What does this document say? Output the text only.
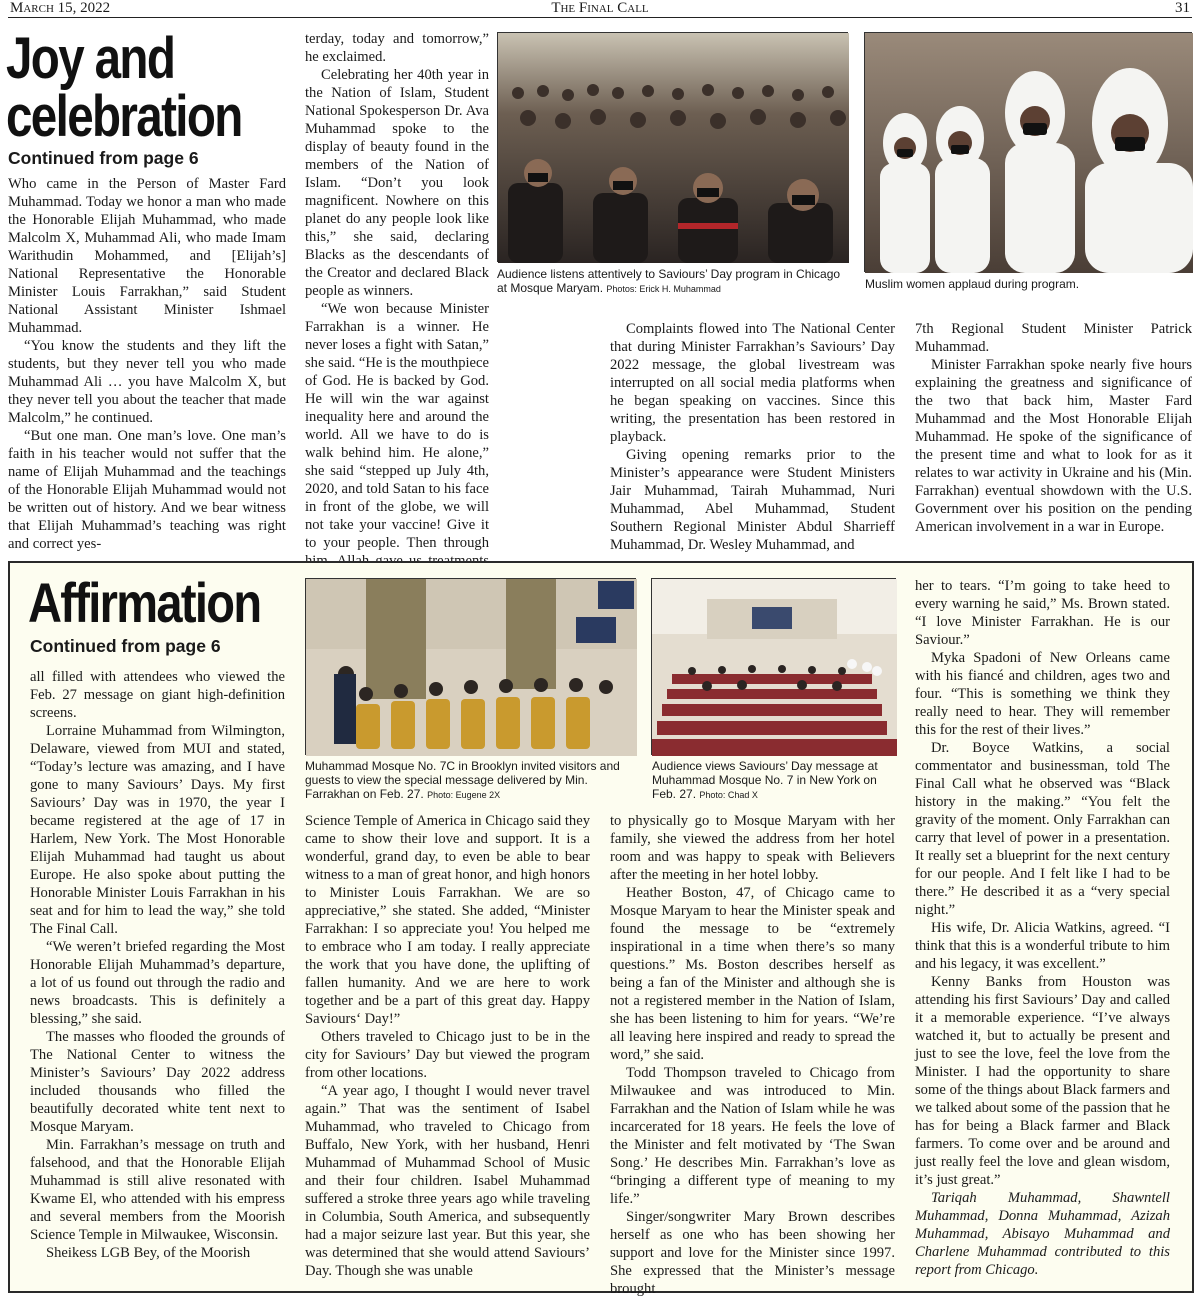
March 15, 2022	The Final Call	31
Joy and
celebration
Continued from page 6

Who came in the Person of Master Fard Muhammad. Today we honor a man who made the Honorable Elijah Muhammad, who made Malcolm X, Muhammad Ali, who made Imam Warithudin Mohammed, and [Elijah’s] National Representative the Honorable Minister Louis Farrakhan,” said Student National Assistant Minister Ishmael Muhammad.

“You know the students and they lift the students, but they never tell you who made Muhammad Ali … you have Malcolm X, but they never tell you about the teacher that made Malcolm,” he continued.

“But one man. One man’s love. One man’s faith in his teacher would not suffer that the name of Elijah Muhammad and the teachings of the Honorable Elijah Muhammad would not be written out of history. And we bear witness that Elijah Muhammad’s teaching was right and correct yes-

terday, today and tomorrow,” he exclaimed.

Celebrating her 40th year in the Nation of Islam, Student National Spokesperson Dr. Ava Muhammad spoke to the display of beauty found in the members of the Nation of Islam. “Don’t you look magnificent. Nowhere on this planet do any people look like this,” she said, declaring Blacks as the descendants of the Creator and declared Black people as winners.

“We won because Minister Farrakhan is a winner. He never loses a fight with Satan,” she said. “He is the mouthpiece of God. He is backed by God. He will win the war against inequality here and around the world. All we have to do is walk behind him. He alone,” she said “stepped up July 4th, 2020, and told Satan to his face in front of the globe, we will not take your vaccine! Give it to your people. Then through

Audience listens attentively to Saviours’ Day program in Chicago at Mosque Maryam. Photos: Erick H. Muhammad	Muslim women applaud during program.

Complaints flowed into The National Center that during Minister Farrakhan’s Saviours’ Day 2022 message, the global livestream was interrupted on all social media platforms when he began speaking on vaccines. Since this writing, the presentation has been restored in playback.

Giving opening remarks prior to the Minister’s appearance were Student Ministers Jair Muhammad, Tairah Muhammad, Nuri Muhammad, Abel Muhammad, Student Southern Regional Minister Abdul Sharrieff Muhammad, Dr. Wesley Muhammad, and

7th Regional Student Minister Patrick Muhammad.

Minister Farrakhan spoke nearly five hours explaining the greatness and significance of the two that back him, Master Fard Muhammad and the Most Honorable Elijah Muhammad. He spoke of the significance of the present time and what to look for as it relates to war activity in Ukraine and his (Min. Farrakhan) eventual showdown with the U.S. Government over his position on the pending American involvement in a war in Europe.

Affirmation
Continued from page 6

all filled with attendees who viewed the Feb. 27 message on giant high-definition screens.

Lorraine Muhammad from Wilmington, Delaware, viewed from MUI and stated, “Today’s lecture was amazing, and I have gone to many Saviours’ Days. My first Saviours’ Day was in 1970, the year I became registered at the age of 17 in Harlem, New York. The Most Honorable Elijah Muhammad had taught us about Europe. He also spoke about putting the Honorable Minister Louis Farrakhan in his seat and for him to lead the way,” she told The Final Call.

“We weren’t briefed regarding the Most Honorable Elijah Muhammad’s departure, a lot of us found out through the radio and news broadcasts. This is definitely a blessing,” she said.

The masses who flooded the grounds of The National Center to witness the Minister’s Saviours’ Day 2022 address included thousands who filled the beautifully decorated white tent next to Mosque Maryam.

Min. Farrakhan’s message on truth and falsehood, and that the Honorable Elijah Muhammad is still alive resonated with Kwame El, who attended with his empress and several members from the Moorish Science Temple in Milwaukee, Wisconsin.

Sheikess LGB Bey, of the Moorish

Muhammad Mosque No. 7C in Brooklyn invited visitors and guests to view the special message delivered by Min. Farrakhan on Feb. 27. Photo: Eugene 2X
Audience views Saviours’ Day message at Muhammad Mosque No. 7 in New York on Feb. 27. Photo: Chad X

Science Temple of America in Chicago said they came to show their love and support. It is a wonderful, grand day, to even be able to bear witness to a man of great honor, and high honors to Minister Louis Farrakhan. We are so appreciative,” she stated. She added, “Minister Farrakhan: I so appreciate you! You helped me to embrace who I am today. I really appreciate the work that you have done, the uplifting of fallen humanity. And we are here to work together and be a part of this great day. Happy Saviours‘ Day!”

Others traveled to Chicago just to be in the city for Saviours’ Day but viewed the program from other locations.

“A year ago, I thought I would never travel again.” That was the sentiment of Isabel Muhammad, who traveled to Chicago from Buffalo, New York, with her husband, Henri Muhammad of Muhammad School of Music and their four children. Isabel Muhammad suffered a stroke three years ago while traveling in Columbia, South America, and subsequently had a major seizure last year. But this year, she was determined that she would attend Saviours’ Day. Though she was unable

to physically go to Mosque Maryam with her family, she viewed the address from her hotel room and was happy to speak with Believers after the meeting in her hotel lobby.

Heather Boston, 47, of Chicago came to Mosque Maryam to hear the Minister speak and found the message to be “extremely inspirational in a time when there’s so many questions.” Ms. Boston describes herself as being a fan of the Minister and although she is not a registered member in the Nation of Islam, she has been listening to him for years. “We’re all leaving here inspired and ready to spread the word,” she said.

Todd Thompson traveled to Chicago from Milwaukee and was introduced to Min. Farrakhan and the Nation of Islam while he was incarcerated for 18 years. He feels the love of the Minister and felt motivated by ‘The Swan Song.’ He describes Min. Farrakhan’s love as “bringing a different type of meaning to my life.”

Singer/songwriter Mary Brown describes herself as one who has been showing her support and love for the Minister since 1997. She expressed that the Minister’s message brought

her to tears. “I’m going to take heed to every warning he said,” Ms. Brown stated. “I love Minister Farrakhan. He is our Saviour.”

Myka Spadoni of New Orleans came with his fiancé and children, ages two and four. “This is something we think they really need to hear. They will remember this for the rest of their lives.”

Dr. Boyce Watkins, a social commentator and businessman, told The Final Call what he observed was “Black history in the making.” “You felt the gravity of the moment. Only Farrakhan can carry that level of power in a presentation. It really set a blueprint for the next century for our people. And I felt like I had to be there.” He described it as a “very special night.”

His wife, Dr. Alicia Watkins, agreed. “I think that this is a wonderful tribute to him and his legacy, it was excellent.”

Kenny Banks from Houston was attending his first Saviours’ Day and called it a memorable experience. “I’ve always watched it, but to actually be present and just to see the love, feel the love from the Minister. I had the opportunity to share some of the things about Black farmers and we talked about some of the passion that he has for being a Black farmer and Black farmers. To come over and be around and just really feel the love and glean wisdom, it’s just great.”

Tariqah Muhammad, Shawntell Muhammad, Donna Muhammad, Azizah Muhammad, Abisayo Muhammad and Charlene Muhammad contributed to this report from Chicago.
